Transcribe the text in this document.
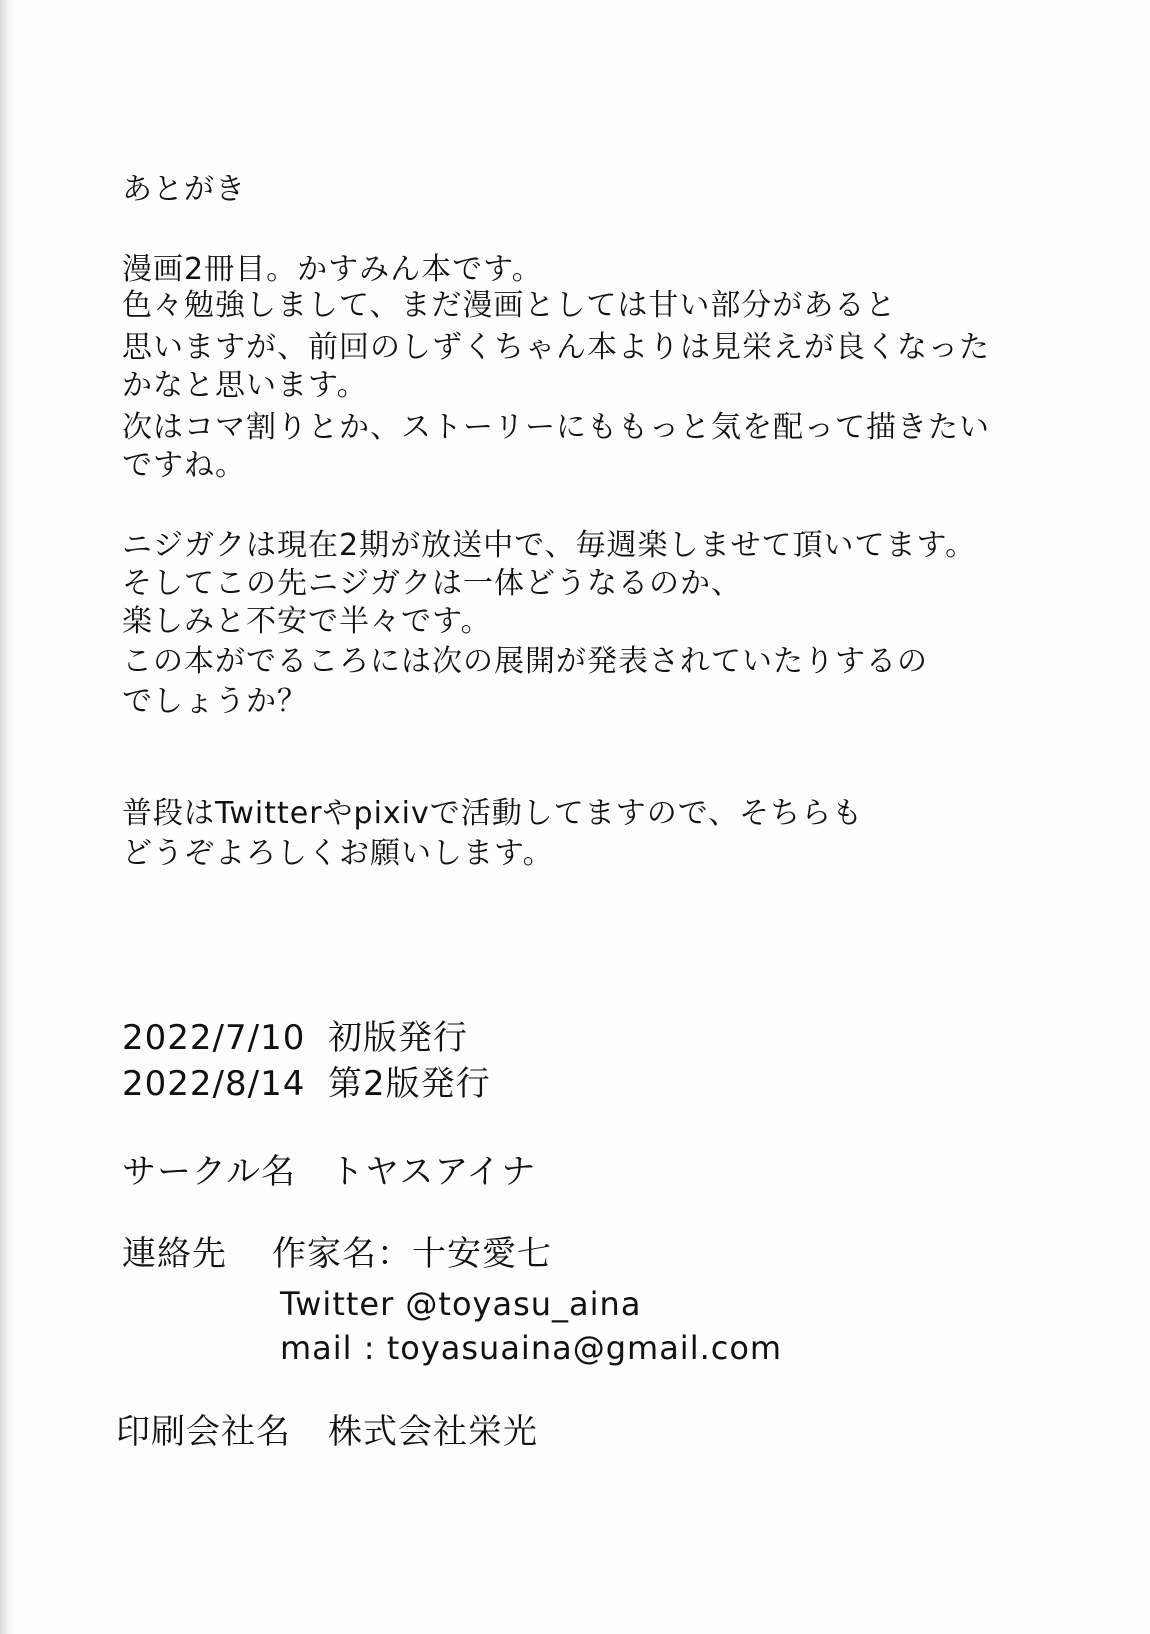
あとがき
漫画2冊目。かすみん本です。
色々勉強しまして、まだ漫画としては甘い部分があると
思いますが、前回のしずくちゃん本よりは見栄えが良くなった
かなと思います。
次はコマ割りとか、ストーリーにももっと気を配って描きたい
ですね。
ニジガクは現在2期が放送中で、毎週楽しませて頂いてます。
そしてこの先ニジガクは一体どうなるのか、
楽しみと不安で半々です。
この本がでるころには次の展開が発表されていたりするの
でしょうか？
普段はTwitterやpixivで活動してますので、そちらも
どうぞよろしくお願いします。
2022/7/10 初版発行
2022/8/14 第2版発行
サークル名 トヤスアイナ
連絡先 作家名：十安愛七
Twitter @toyasu_aina
mail : toyasuaina@gmail.com
印刷会社名 株式会社栄光
